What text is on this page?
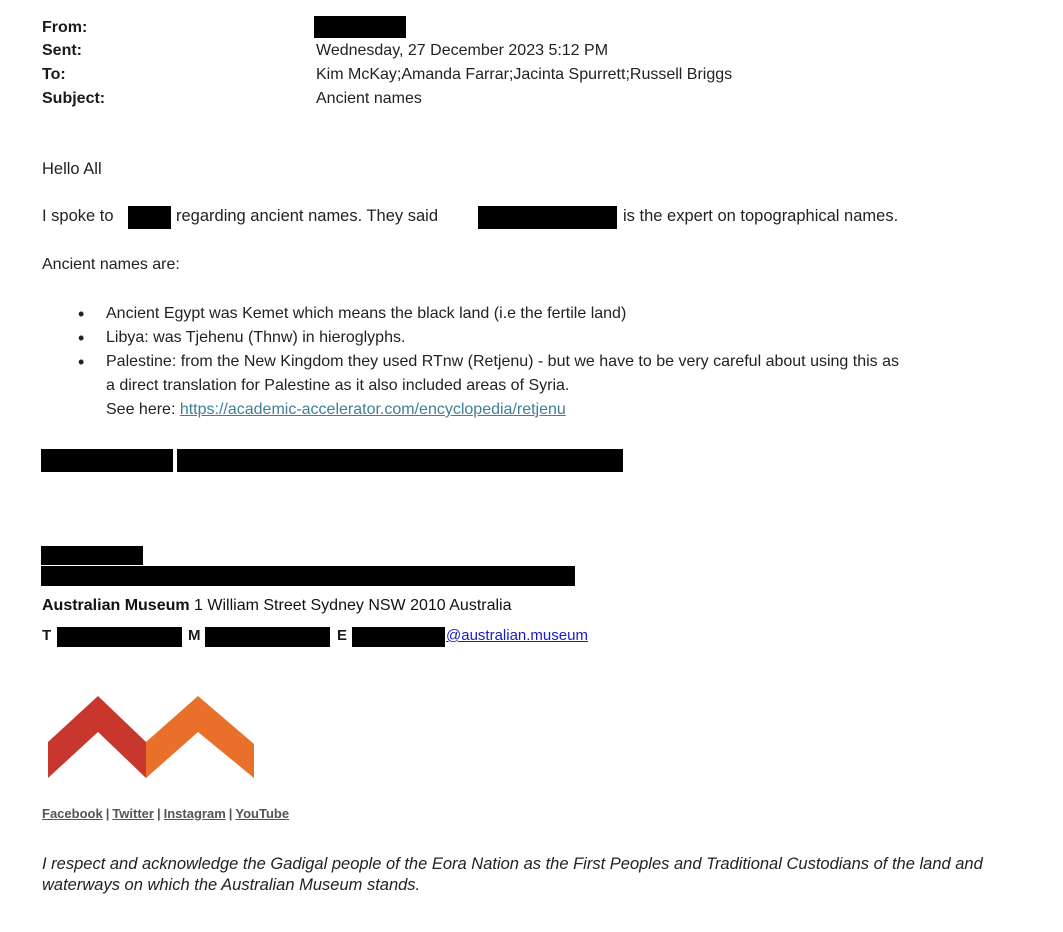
From:
Sent:	Wednesday, 27 December 2023 5:12 PM
To:	Kim McKay;Amanda Farrar;Jacinta Spurrett;Russell Briggs
Subject:	Ancient names
Hello All
I spoke to	regarding ancient names. They said	is the expert on topographical names.
Ancient names are:
• Ancient Egypt was Kemet which means the black land (i.e the fertile land)
• Libya: was Tjehenu (Thnw) in hieroglyphs.
• Palestine: from the New Kingdom they used RTnw (Retjenu) - but we have to be very careful about using this as
a direct translation for Palestine as it also included areas of Syria.
See here: https://academic-accelerator.com/encyclopedia/retjenu
Australian Museum 1 William Street Sydney NSW 2010 Australia
T	M	E	@australian.museum
Facebook | Twitter | Instagram | YouTube
I respect and acknowledge the Gadigal people of the Eora Nation as the First Peoples and Traditional Custodians of the land and waterways on which the Australian Museum stands.
